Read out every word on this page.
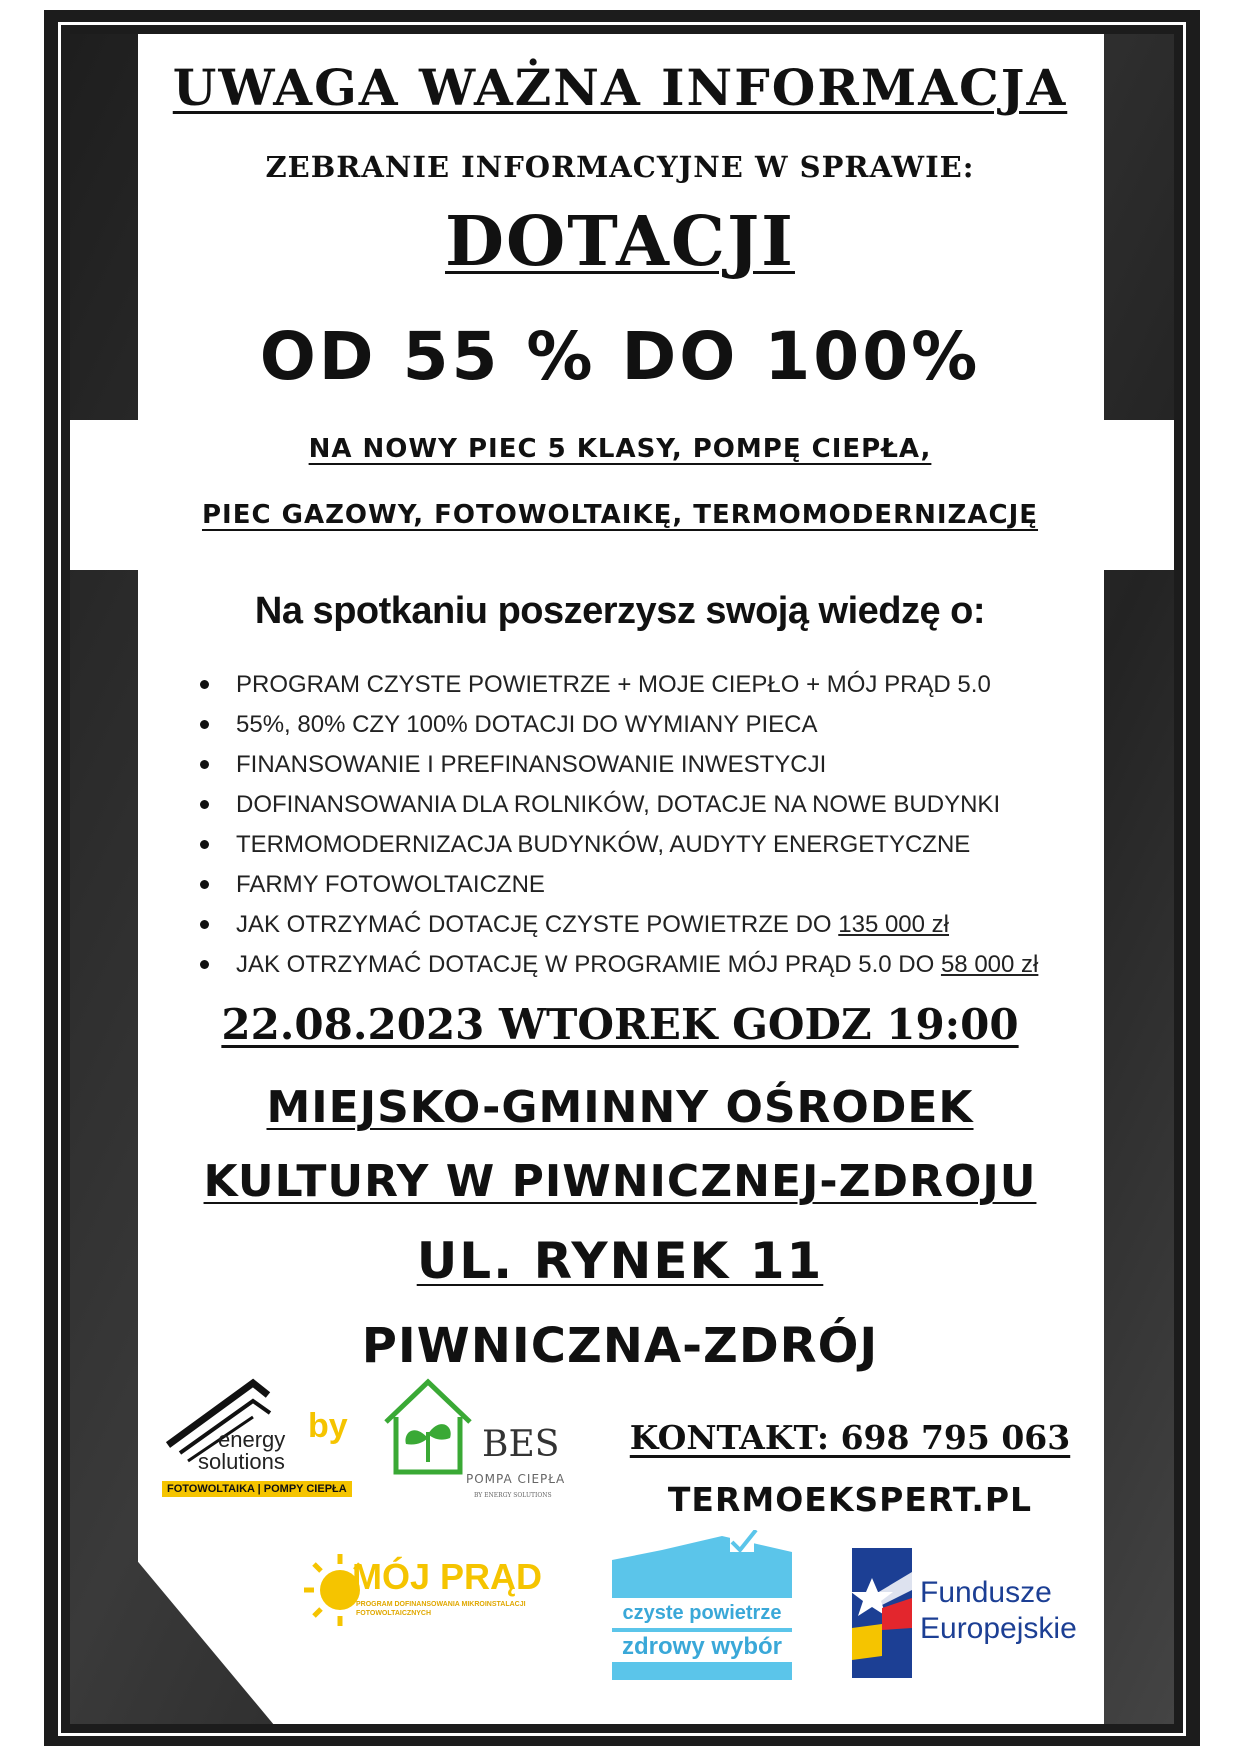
UWAGA WAŻNA INFORMACJA
ZEBRANIE INFORMACYJNE W SPRAWIE:
DOTACJI
OD 55 % DO 100%
NA NOWY PIEC 5 KLASY, POMPĘ CIEPŁA,
PIEC GAZOWY, FOTOWOLTAIKĘ, TERMOMODERNIZACJĘ
Na spotkaniu poszerzysz swoją wiedzę o:
PROGRAM CZYSTE POWIETRZE + MOJE CIEPŁO + MÓJ PRĄD 5.0
55%, 80% CZY 100% DOTACJI DO WYMIANY PIECA
FINANSOWANIE I PREFINANSOWANIE INWESTYCJI
DOFINANSOWANIA DLA ROLNIKÓW, DOTACJE NA NOWE BUDYNKI
TERMOMODERNIZACJA BUDYNKÓW, AUDYTY ENERGETYCZNE
FARMY FOTOWOLTAICZNE
JAK OTRZYMAĆ DOTACJĘ CZYSTE POWIETRZE DO 135 000 zł
JAK OTRZYMAĆ DOTACJĘ W PROGRAMIE MÓJ PRĄD 5.0 DO 58 000 zł
22.08.2023 WTOREK GODZ 19:00
MIEJSKO-GMINNY OŚRODEK
KULTURY W PIWNICZNEJ-ZDROJU
UL. RYNEK 11
PIWNICZNA-ZDRÓJ
KONTAKT: 698 795 063
TERMOEKSPERT.PL
energy
solutions
by
FOTOWOLTAIKA | POMPY CIEPŁA
BES
POMPA CIEPŁA
BY ENERGY SOLUTIONS
MÓJ PRĄD
PROGRAM DOFINANSOWANIA MIKROINSTALACJI FOTOWOLTAICZNYCH	czyste powietrze
zdrowy wybór
Fundusze
Europejskie
